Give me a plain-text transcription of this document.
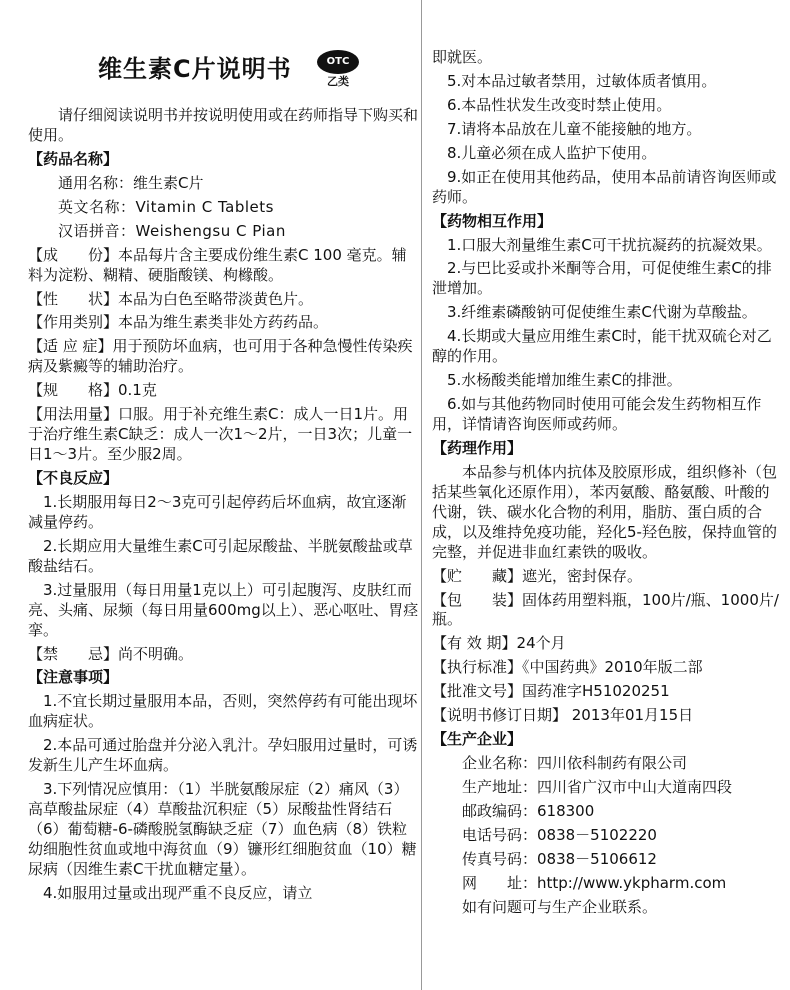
维生素C片说明书	OTC
乙类

请仔细阅读说明书并按说明使用或在药师指导下购买和使用。

【药品名称】

通用名称：维生素C片

英文名称：Vitamin C Tablets

汉语拼音：Weishengsu C Pian

【成　　份】本品每片含主要成份维生素C 100 毫克。辅料为淀粉、糊精、硬脂酸镁、枸橼酸。

【性　　状】本品为白色至略带淡黄色片。

【作用类别】本品为维生素类非处方药药品。

【适 应 症】用于预防坏血病，也可用于各种急慢性传染疾病及紫癜等的辅助治疗。

【规　　格】0.1克

【用法用量】口服。用于补充维生素C：成人一日1片。用于治疗维生素C缺乏：成人一次1～2片，一日3次；儿童一日1～3片。至少服2周。

【不良反应】

1.长期服用每日2～3克可引起停药后坏血病，故宜逐渐减量停药。

2.长期应用大量维生素C可引起尿酸盐、半胱氨酸盐或草酸盐结石。

3.过量服用（每日用量1克以上）可引起腹泻、皮肤红而亮、头痛、尿频（每日用量600mg以上）、恶心呕吐、胃痉挛。

【禁　　忌】尚不明确。

【注意事项】

1.不宜长期过量服用本品，否则，突然停药有可能出现坏血病症状。

2.本品可通过胎盘并分泌入乳汁。孕妇服用过量时，可诱发新生儿产生坏血病。

3.下列情况应慎用：（1）半胱氨酸尿症（2）痛风（3）高草酸盐尿症（4）草酸盐沉积症（5）尿酸盐性肾结石（6）葡萄糖-6-磷酸脱氢酶缺乏症（7）血色病（8）铁粒幼细胞性贫血或地中海贫血（9）镰形红细胞贫血（10）糖尿病（因维生素C干扰血糖定量）。

4.如服用过量或出现严重不良反应，请立

即就医。

5.对本品过敏者禁用，过敏体质者慎用。

6.本品性状发生改变时禁止使用。

7.请将本品放在儿童不能接触的地方。

8.儿童必须在成人监护下使用。

9.如正在使用其他药品，使用本品前请咨询医师或药师。

【药物相互作用】

1.口服大剂量维生素C可干扰抗凝药的抗凝效果。

2.与巴比妥或扑米酮等合用，可促使维生素C的排泄增加。

3.纤维素磷酸钠可促使维生素C代谢为草酸盐。

4.长期或大量应用维生素C时，能干扰双硫仑对乙醇的作用。

5.水杨酸类能增加维生素C的排泄。

6.如与其他药物同时使用可能会发生药物相互作用，详情请咨询医师或药师。

【药理作用】

本品参与机体内抗体及胶原形成，组织修补（包括某些氧化还原作用），苯丙氨酸、酪氨酸、叶酸的代谢，铁、碳水化合物的利用，脂肪、蛋白质的合成，以及维持免疫功能，羟化5-羟色胺，保持血管的完整，并促进非血红素铁的吸收。

【贮　　藏】遮光，密封保存。

【包　　装】固体药用塑料瓶，100片/瓶、1000片/瓶。

【有 效 期】24个月

【执行标准】《中国药典》2010年版二部

【批准文号】国药准字H51020251

【说明书修订日期】 2013年01月15日

【生产企业】

企业名称：四川依科制药有限公司

生产地址：四川省广汉市中山大道南四段

邮政编码：618300

电话号码：0838－5102220

传真号码：0838－5106612

网　　址：http://www.ykpharm.com

如有问题可与生产企业联系。
